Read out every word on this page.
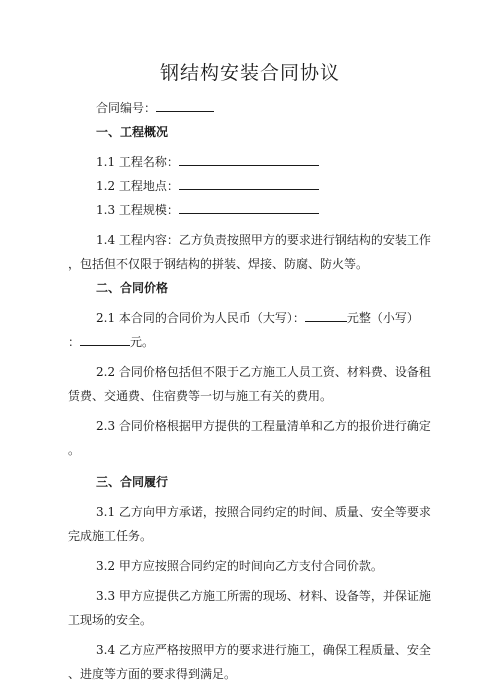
钢结构安装合同协议
合同编号：
一、工程概况
1.1 工程名称：
1.2 工程地点：
1.3 工程规模：
1.4 工程内容：乙方负责按照甲方的要求进行钢结构的安装工作
，包括但不仅限于钢结构的拼装、焊接、防腐、防火等。
二、合同价格
2.1 本合同的合同价为人民币（大写）：	元整（小写）
：	元。
2.2 合同价格包括但不限于乙方施工人员工资、材料费、设备租
赁费、交通费、住宿费等一切与施工有关的费用。
2.3 合同价格根据甲方提供的工程量清单和乙方的报价进行确定
。
三、合同履行
3.1 乙方向甲方承诺，按照合同约定的时间、质量、安全等要求
完成施工任务。
3.2 甲方应按照合同约定的时间向乙方支付合同价款。
3.3 甲方应提供乙方施工所需的现场、材料、设备等，并保证施
工现场的安全。
3.4 乙方应严格按照甲方的要求进行施工，确保工程质量、安全
、进度等方面的要求得到满足。
